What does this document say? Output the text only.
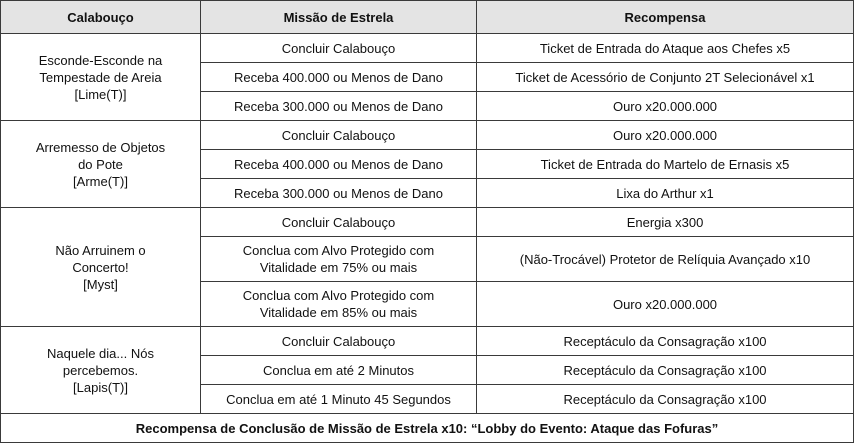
Calabouço	Missão de Estrela	Recompensa

Esconde-Esconde na
Tempestade de Areia
[Lime(T)]	Concluir Calabouço	Ticket de Entrada do Ataque aos Chefes x5

	Receba 400.000 ou Menos de Dano	Ticket de Acessório de Conjunto 2T Selecionável x1

	Receba 300.000 ou Menos de Dano	Ouro x20.000.000

Arremesso de Objetos
do Pote
[Arme(T)]	Concluir Calabouço	Ouro x20.000.000

	Receba 400.000 ou Menos de Dano	Ticket de Entrada do Martelo de Ernasis x5

	Receba 300.000 ou Menos de Dano	Lixa do Arthur x1

Não Arruinem o
Concerto!
[Myst]	Concluir Calabouço	Energia x300

	Conclua com Alvo Protegido com
Vitalidade em 75% ou mais	(Não-Trocável) Protetor de Relíquia Avançado x10

	Conclua com Alvo Protegido com
Vitalidade em 85% ou mais	Ouro x20.000.000

Naquele dia... Nós
percebemos.
[Lapis(T)]	Concluir Calabouço	Receptáculo da Consagração x100

	Conclua em até 2 Minutos	Receptáculo da Consagração x100

	Conclua em até 1 Minuto 45 Segundos	Receptáculo da Consagração x100
Recompensa de Conclusão de Missão de Estrela x10: “Lobby do Evento: Ataque das Fofuras”		
